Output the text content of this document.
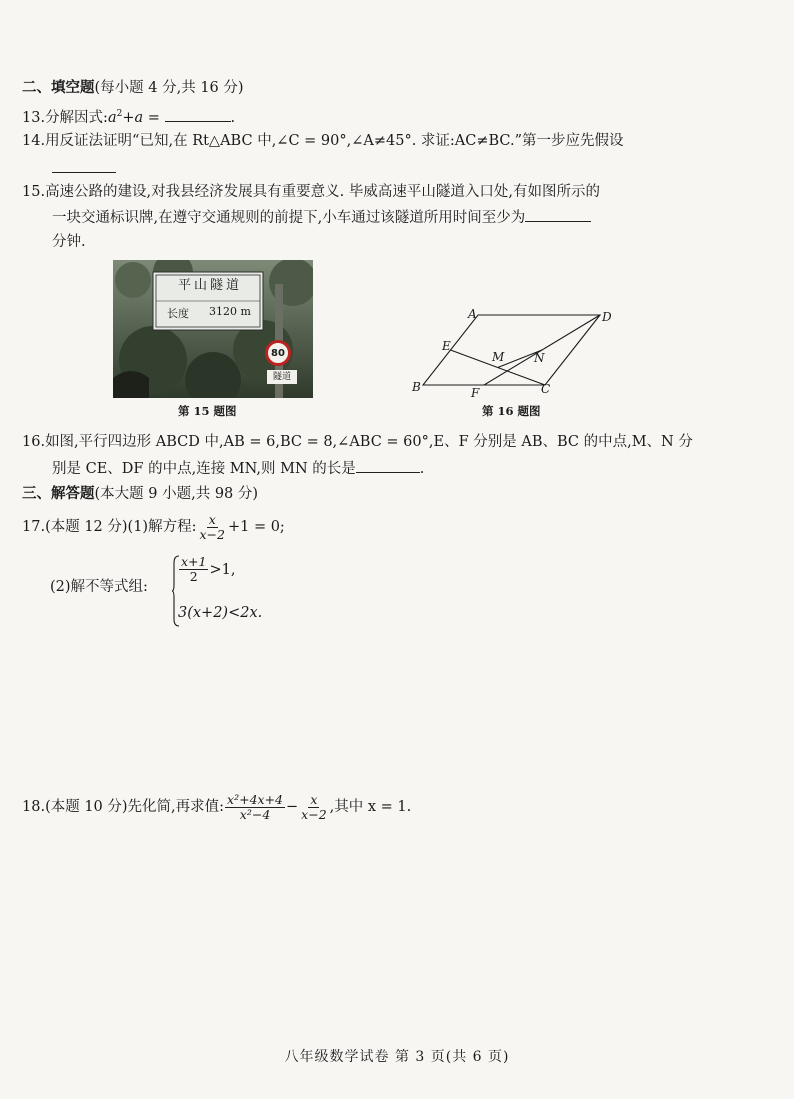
二、填空题(每小题 4 分,共 16 分)
13.分解因式$:a^2+a$ =	.
14.用反证法证明“已知,在 Rt△ABC 中,∠C = 90°,∠A≠45°. 求证:AC≠BC.”第一步应先假设
15.高速公路的建设,对我县经济发展具有重要意义. 毕威高速平山隧道入口处,有如图所示的
一块交通标识牌,在遵守交通规则的前提下,小车通过该隧道所用时间至少为
分钟.
平山隧道
长度 3120 m
80
隧道
第 15 题图
A	D
E
M N
B	F	C
第 16 题图
16.如图,平行四边形 ABCD 中,AB = 6,BC = 8,∠ABC = 60°,E、F 分别是 AB、BC 的中点,M、N 分
别是 CE、DF 的中点,连接 MN,则 MN 的长是	.
三、解答题(本大题 9 小题,共 98 分)
17.(本题 12 分)(1)解方程: $\frac{x}{x-2} +1 = 0$;
(2)解不等式组:
$\frac{x+1}{2} >1$,
3(x+2)<2x.
18.(本题 10 分)先化简,再求值: $\frac{\text{x²+4x+4}}{\text{x²−4}} - \frac{x}{x-2}$ ,其中 x = 1.
八年级数学试卷 第 3 页(共 6 页)
